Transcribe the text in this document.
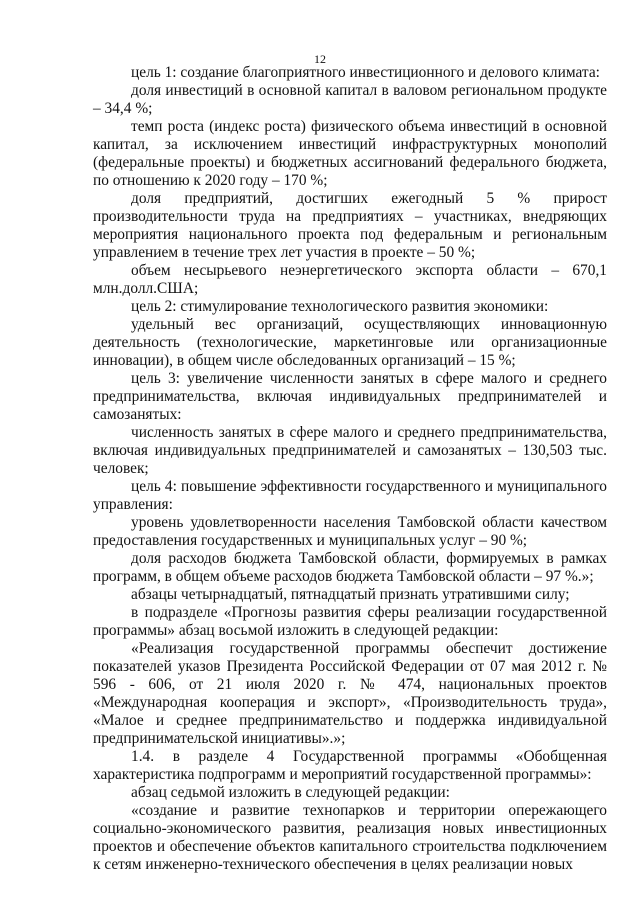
12

цель 1: создание благоприятного инвестиционного и делового климата:

доля инвестиций в основной капитал в валовом региональном продукте – 34,4 %;

темп роста (индекс роста) физического объема инвестиций в основной капитал, за исключением инвестиций инфраструктурных монополий (федеральные проекты) и бюджетных ассигнований федерального бюджета, по отношению к 2020 году – 170 %;

доля предприятий, достигших ежегодный 5 % прирост производительности труда на предприятиях – участниках, внедряющих мероприятия национального проекта под федеральным и региональным управлением в течение трех лет участия в проекте – 50 %;

объем несырьевого неэнергетического экспорта области – 670,1 млн.долл.США;

цель 2: стимулирование технологического развития экономики:

удельный вес организаций, осуществляющих инновационную деятельность (технологические, маркетинговые или организационные инновации), в общем числе обследованных организаций – 15 %;

цель 3: увеличение численности занятых в сфере малого и среднего предпринимательства, включая индивидуальных предпринимателей и самозанятых:

численность занятых в сфере малого и среднего предпринимательства, включая индивидуальных предпринимателей и самозанятых – 130,503 тыс. человек;

цель 4: повышение эффективности государственного и муниципального управления:

уровень удовлетворенности населения Тамбовской области качеством предоставления государственных и муниципальных услуг – 90 %;

доля расходов бюджета Тамбовской области, формируемых в рамках программ, в общем объеме расходов бюджета Тамбовской области – 97 %.»;

абзацы четырнадцатый, пятнадцатый признать утратившими силу;

в подразделе «Прогнозы развития сферы реализации государственной программы» абзац восьмой изложить в следующей редакции:

«Реализация государственной программы обеспечит достижение показателей указов Президента Российской Федерации от 07 мая 2012 г. № 596 - 606, от 21 июля 2020 г. № 474, национальных проектов «Международная кооперация и экспорт», «Производительность труда», «Малое и среднее предпринимательство и поддержка индивидуальной предпринимательской инициативы».»;

1.4. в разделе 4 Государственной программы «Обобщенная характеристика подпрограмм и мероприятий государственной программы»:

абзац седьмой изложить в следующей редакции:

«создание и развитие технопарков и территории опережающего социально-экономического развития, реализация новых инвестиционных проектов и обеспечение объектов капитального строительства подключением к сетям инженерно-технического обеспечения в целях реализации новых
